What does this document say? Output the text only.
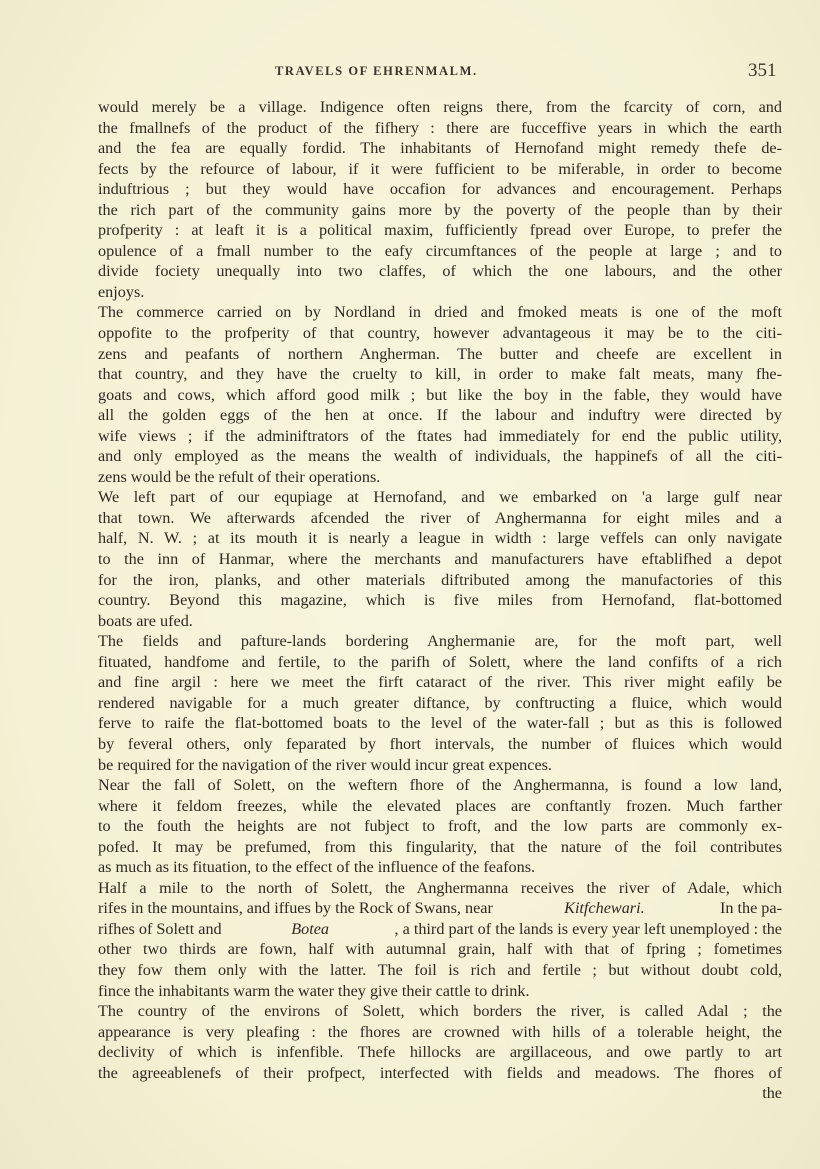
TRAVELS OF EHRENMALM.	351
would merely be a village. Indigence often reigns there, from the fcarcity of corn, and
the fmallnefs of the product of the fifhery : there are fucceffive years in which the earth
and the fea are equally fordid. The inhabitants of Hernofand might remedy thefe de-
fects by the refource of labour, if it were fufficient to be miferable, in order to become
induftrious ; but they would have occafion for advances and encouragement. Perhaps
the rich part of the community gains more by the poverty of the people than by their
profperity : at leaft it is a political maxim, fufficiently fpread over Europe, to prefer the
opulence of a fmall number to the eafy circumftances of the people at large ; and to
divide fociety unequally into two claffes, of which the one labours, and the other
enjoys.
The commerce carried on by Nordland in dried and fmoked meats is one of the moft
oppofite to the profperity of that country, however advantageous it may be to the citi-
zens and peafants of northern Angherman. The butter and cheefe are excellent in
that country, and they have the cruelty to kill, in order to make falt meats, many fhe-
goats and cows, which afford good milk ; but like the boy in the fable, they would have
all the golden eggs of the hen at once. If the labour and induftry were directed by
wife views ; if the adminiftrators of the ftates had immediately for end the public utility,
and only employed as the means the wealth of individuals, the happinefs of all the citi-
zens would be the refult of their operations.
We left part of our equpiage at Hernofand, and we embarked on 'a large gulf near
that town. We afterwards afcended the river of Anghermanna for eight miles and a
half, N. W. ; at its mouth it is nearly a league in width : large veffels can only navigate
to the inn of Hanmar, where the merchants and manufacturers have eftablifhed a depot
for the iron, planks, and other materials diftributed among the manufactories of this
country. Beyond this magazine, which is five miles from Hernofand, flat-bottomed
boats are ufed.
The fields and pafture-lands bordering Anghermanie are, for the moft part, well
fituated, handfome and fertile, to the parifh of Solett, where the land confifts of a rich
and fine argil : here we meet the firft cataract of the river. This river might eafily be
rendered navigable for a much greater diftance, by conftructing a fluice, which would
ferve to raife the flat-bottomed boats to the level of the water-fall ; but as this is followed
by feveral others, only feparated by fhort intervals, the number of fluices which would
be required for the navigation of the river would incur great expences.
Near the fall of Solett, on the weftern fhore of the Anghermanna, is found a low land,
where it feldom freezes, while the elevated places are conftantly frozen. Much farther
to the fouth the heights are not fubject to froft, and the low parts are commonly ex-
pofed. It may be prefumed, from this fingularity, that the nature of the foil contributes
as much as its fituation, to the effect of the influence of the feafons.
Half a mile to the north of Solett, the Anghermanna receives the river of Adale, which
rifes in the mountains, and iffues by the Rock of Swans, near	Kitfchewari.	In the pa-
rifhes of Solett and	Botea	, a third part of the lands is every year left unemployed : the
other two thirds are fown, half with autumnal grain, half with that of fpring ; fometimes
they fow them only with the latter. The foil is rich and fertile ; but without doubt cold,
fince the inhabitants warm the water they give their cattle to drink.
The country of the environs of Solett, which borders the river, is called Adal ; the
appearance is very pleafing : the fhores are crowned with hills of a tolerable height, the
declivity of which is infenfible. Thefe hillocks are argillaceous, and owe partly to art
the agreeablenefs of their profpect, interfected with fields and meadows. The fhores of
the
